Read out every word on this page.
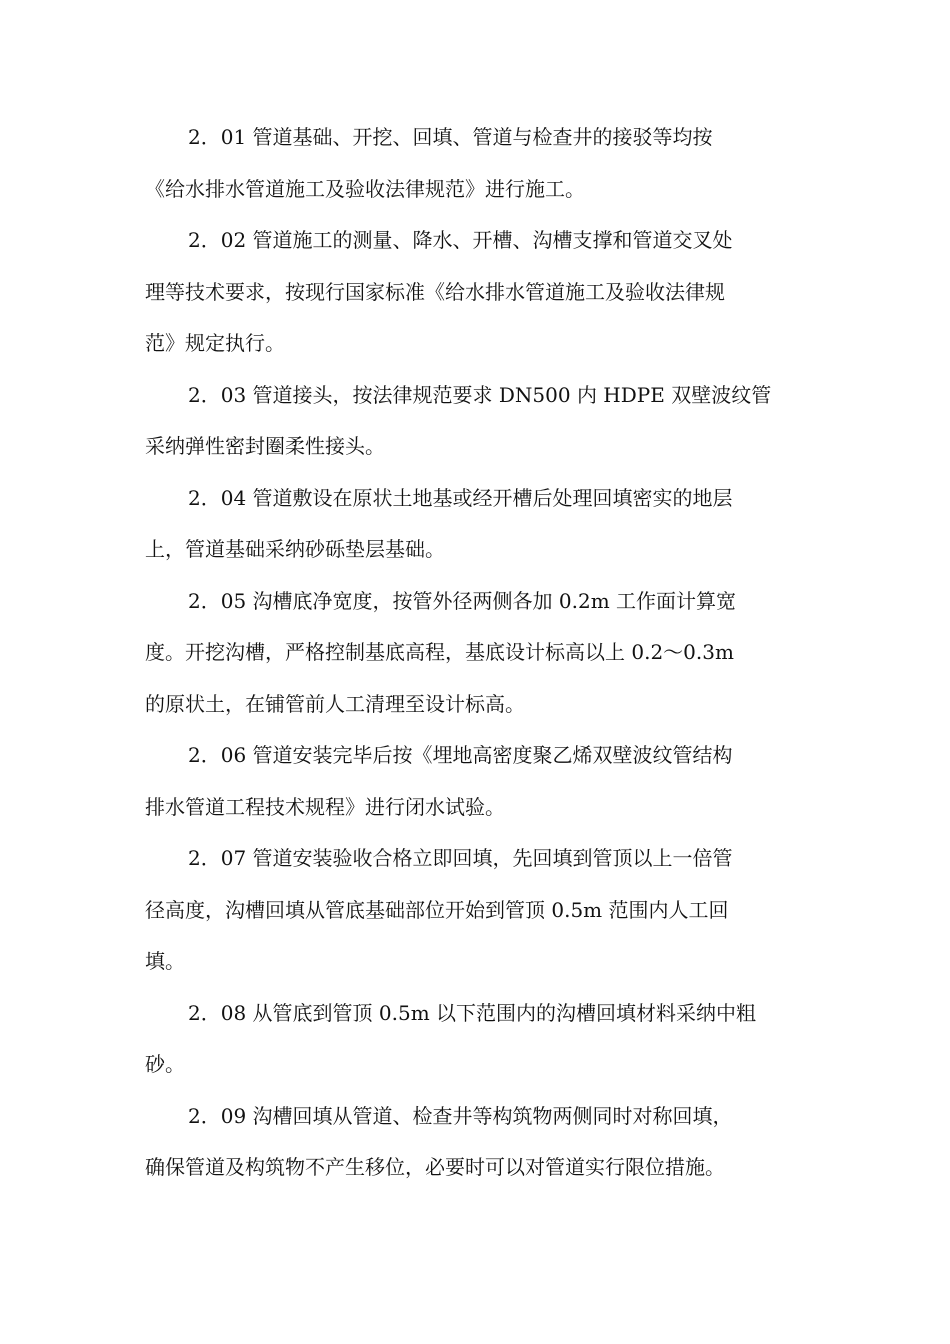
2．01 管道基础、开挖、回填、管道与检查井的接驳等均按
《给水排水管道施工及验收法律规范》进行施工。
2．02 管道施工的测量、降水、开槽、沟槽支撑和管道交叉处
理等技术要求，按现行国家标准《给水排水管道施工及验收法律规
范》规定执行。
2．03 管道接头，按法律规范要求 DN500 内 HDPE 双壁波纹管
采纳弹性密封圈柔性接头。
2．04 管道敷设在原状土地基或经开槽后处理回填密实的地层
上，管道基础采纳砂砾垫层基础。
2．05 沟槽底净宽度，按管外径两侧各加 0.2m 工作面计算宽
度。开挖沟槽，严格控制基底高程，基底设计标高以上 0.2～0.3m
的原状土，在铺管前人工清理至设计标高。
2．06 管道安装完毕后按《埋地高密度聚乙烯双壁波纹管结构
排水管道工程技术规程》进行闭水试验。
2．07 管道安装验收合格立即回填，先回填到管顶以上一倍管
径高度，沟槽回填从管底基础部位开始到管顶 0.5m 范围内人工回
填。
2．08 从管底到管顶 0.5m 以下范围内的沟槽回填材料采纳中粗
砂。
2．09 沟槽回填从管道、检查井等构筑物两侧同时对称回填，
确保管道及构筑物不产生移位，必要时可以对管道实行限位措施。
